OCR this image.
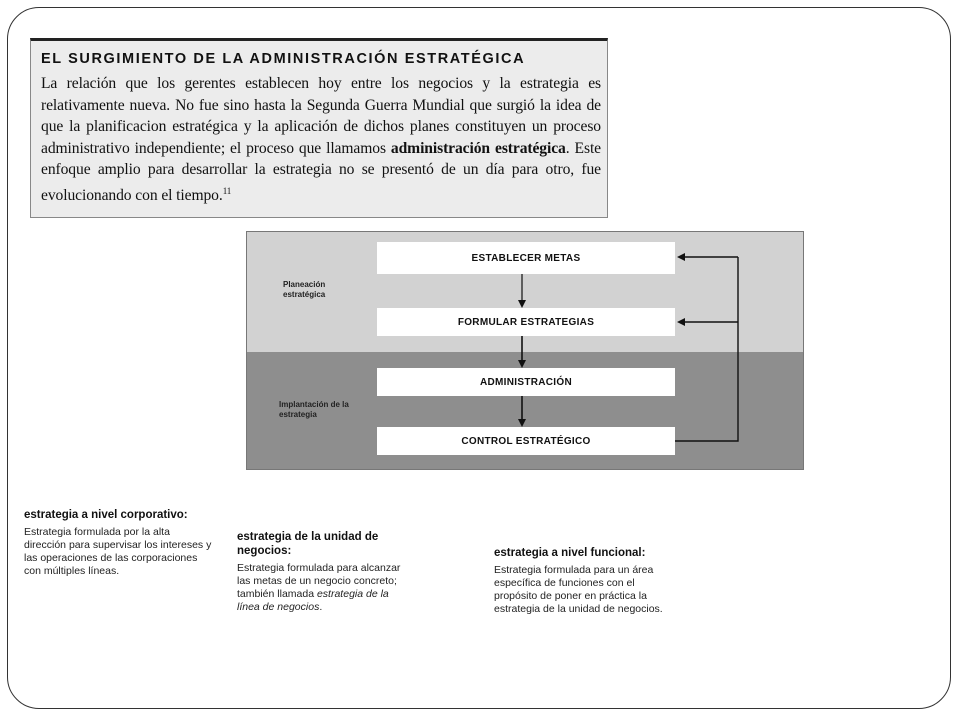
EL SURGIMIENTO DE LA ADMINISTRACIÓN ESTRATÉGICA

La relación que los gerentes establecen hoy entre los negocios y la estrategia es relativamente nueva. No fue sino hasta la Segunda Guerra Mundial que surgió la idea de que la planificacion estratégica y la aplicación de dichos planes constituyen un proceso administrativo independiente; el proceso que llamamos administración estratégica. Este enfoque amplio para desarrollar la estrategia no se presentó de un día para otro, fue evolucionando con el tiempo.$^{11}$

Planeación estratégica
Implantación de la estrategia
ESTABLECER METAS
FORMULAR ESTRATEGIAS
ADMINISTRACIÓN
CONTROL ESTRATÉGICO

estrategia a nivel corporativo:

Estrategia formulada por la alta dirección para supervisar los intereses y las operaciones de las corporaciones con múltiples líneas.

estrategia de la unidad de negocios:

Estrategia formulada para alcanzar las metas de un negocio concreto; también llamada estrategia de la línea de negocios.

estrategia a nivel funcional:

Estrategia formulada para un área específica de funciones con el propósito de poner en práctica la estrategia de la unidad de negocios.
